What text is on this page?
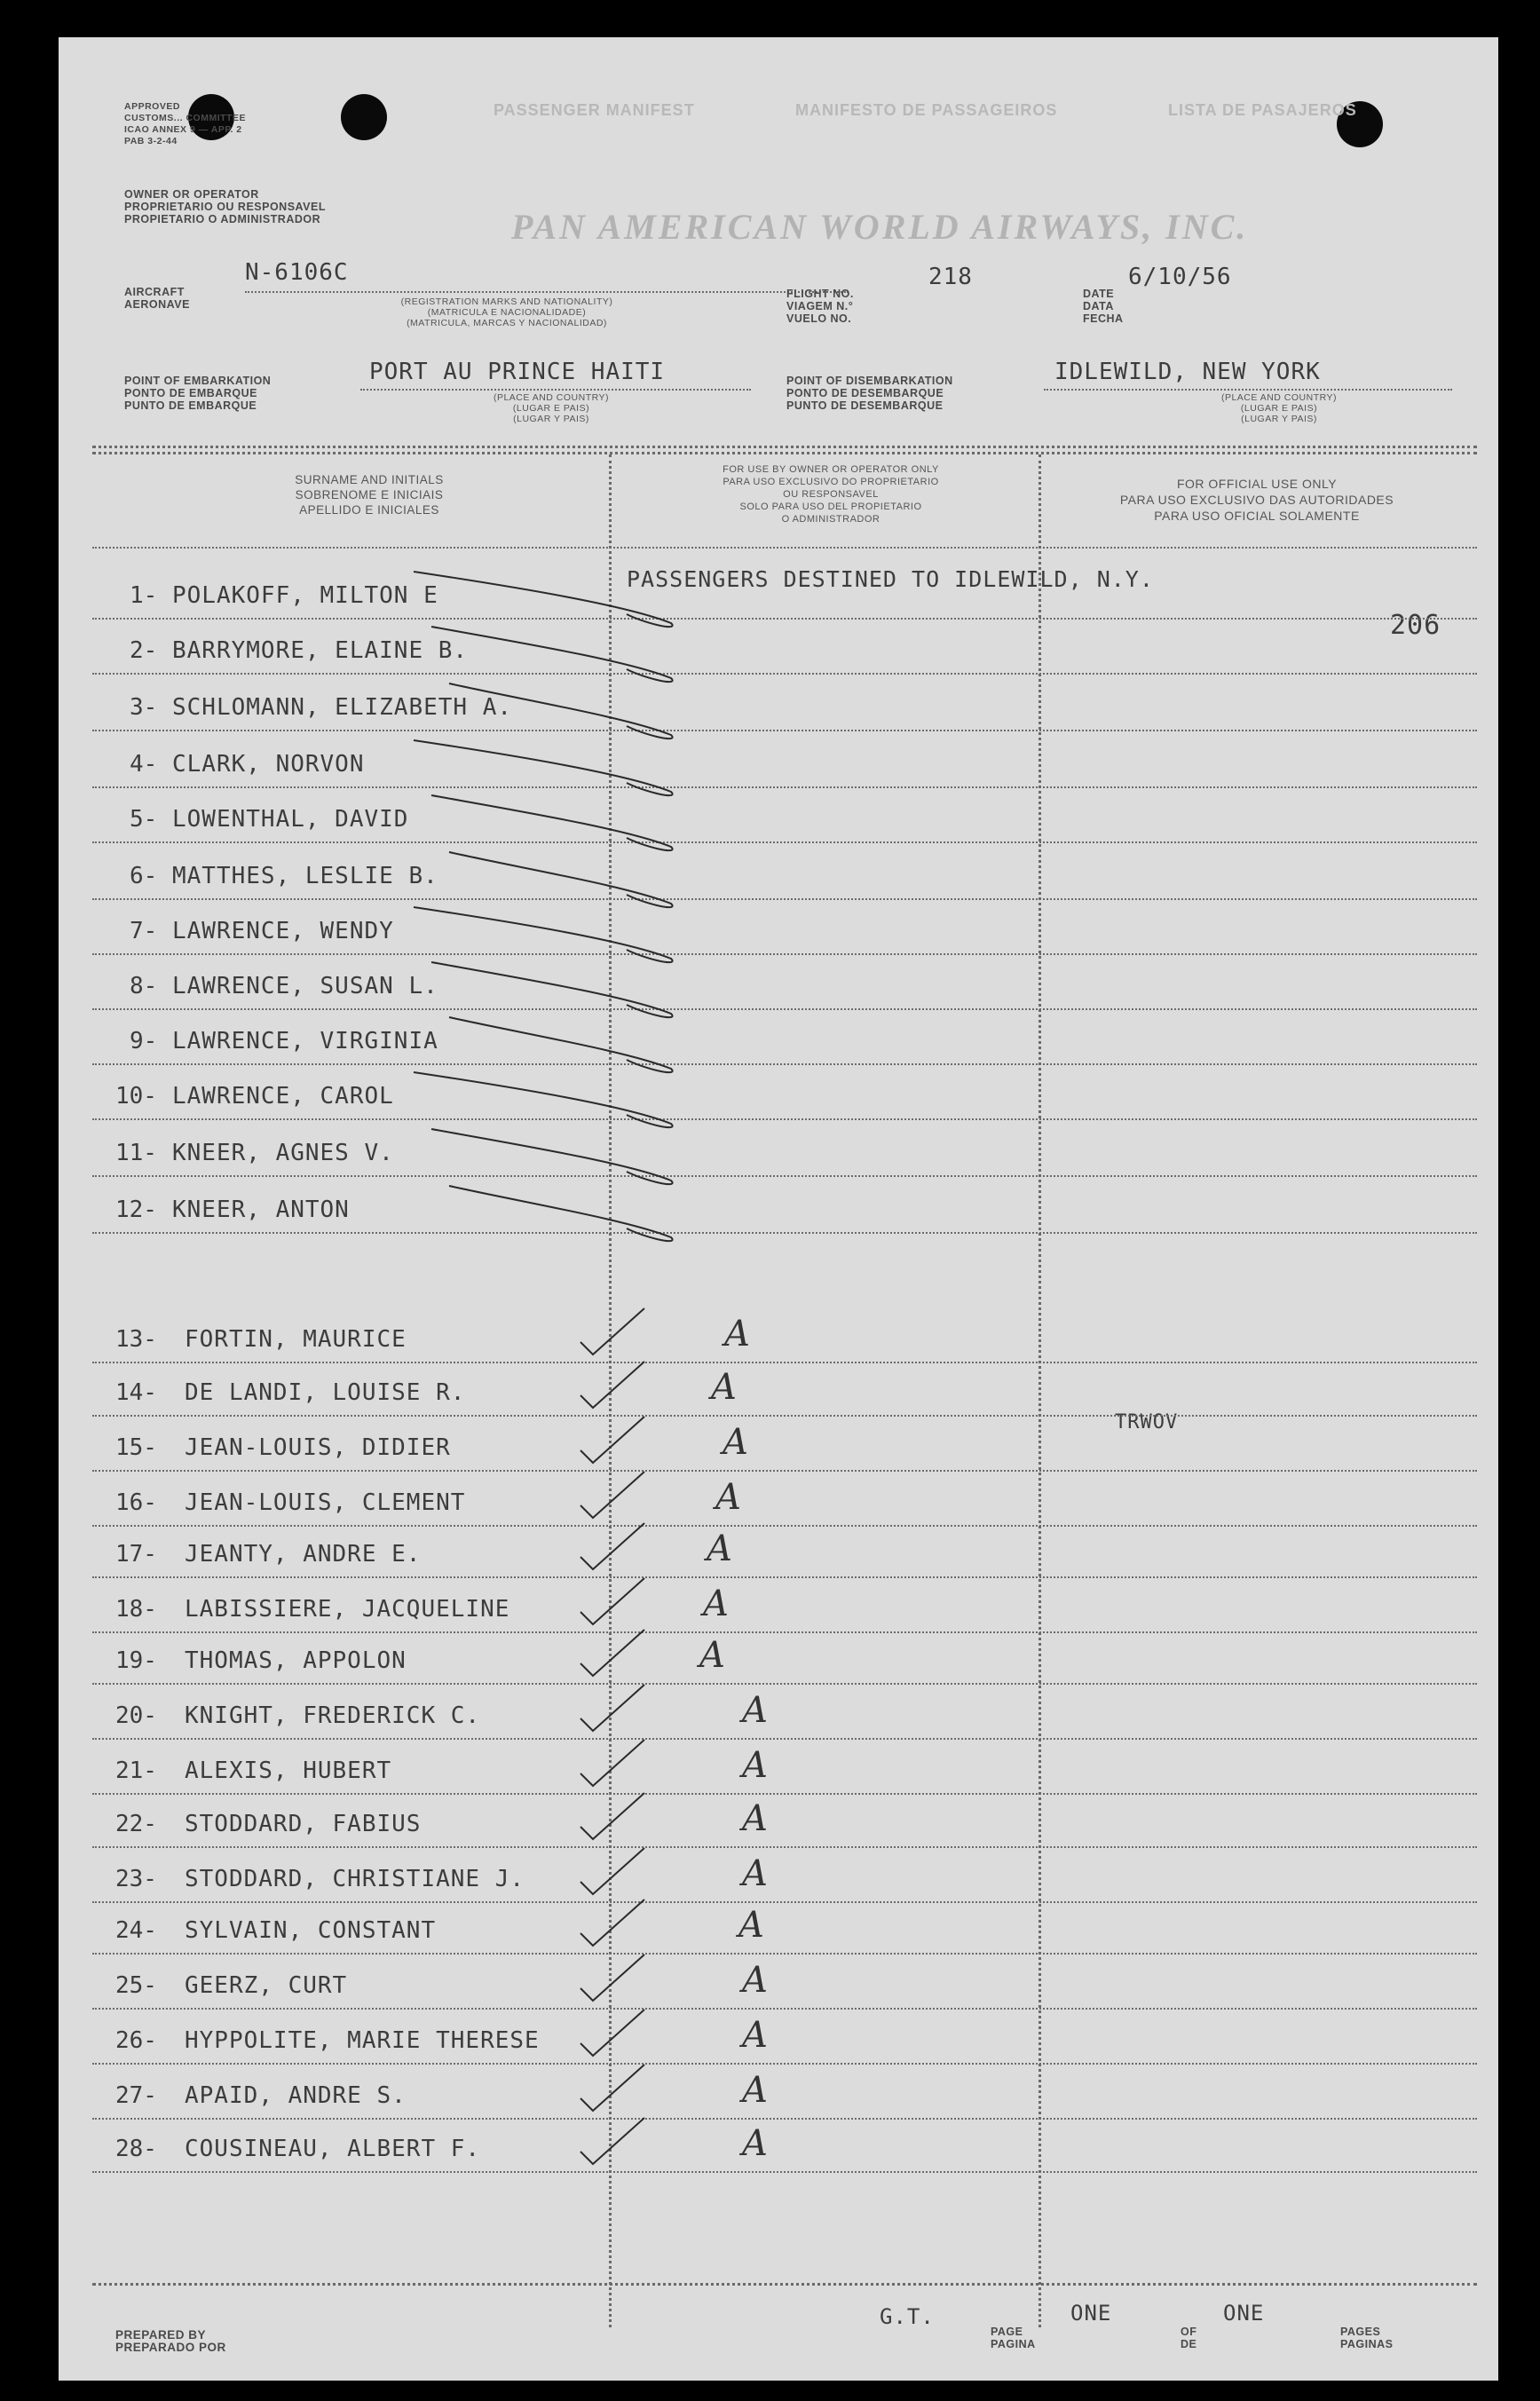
APPROVED
CUSTOMS... COMMITTEE
ICAO ANNEX 9 — APP. 2
PAB 3-2-44
PASSENGER MANIFEST	MANIFESTO DE PASSAGEIROS	LISTA DE PASAJEROS
OWNER OR OPERATOR
PROPRIETARIO OU RESPONSAVEL
PROPIETARIO O ADMINISTRADOR	PAN AMERICAN WORLD AIRWAYS, INC.
AIRCRAFT
AERONAVE
N-6106C
(REGISTRATION MARKS AND NATIONALITY)
(MATRICULA E NACIONALIDADE)
(MATRICULA, MARCAS Y NACIONALIDAD)
FLIGHT NO.
VIAGEM N.°
VUELO NO.
218
DATE
DATA
FECHA
6/10/56
POINT OF EMBARKATION
PONTO DE EMBARQUE
PUNTO DE EMBARQUE
PORT AU PRINCE HAITI
(PLACE AND COUNTRY)
(LUGAR E PAIS)
(LUGAR Y PAIS)
POINT OF DISEMBARKATION
PONTO DE DESEMBARQUE
PUNTO DE DESEMBARQUE
IDLEWILD, NEW YORK
(PLACE AND COUNTRY)
(LUGAR E PAIS)
(LUGAR Y PAIS)
SURNAME AND INITIALS
SOBRENOME E INICIAIS
APELLIDO E INICIALES
FOR USE BY OWNER OR OPERATOR ONLY
PARA USO EXCLUSIVO DO PROPRIETARIO
OU RESPONSAVEL
SOLO PARA USO DEL PROPIETARIO
O ADMINISTRADOR
FOR OFFICIAL USE ONLY
PARA USO EXCLUSIVO DAS AUTORIDADES
PARA USO OFICIAL SOLAMENTE
PASSENGERS DESTINED TO IDLEWILD, N.Y.
206
TRWOV
1- POLAKOFF, MILTON E
2- BARRYMORE, ELAINE B.
3- SCHLOMANN, ELIZABETH A.
4- CLARK, NORVON
5- LOWENTHAL, DAVID
6- MATTHES, LESLIE B.
7- LAWRENCE, WENDY
8- LAWRENCE, SUSAN L.
9- LAWRENCE, VIRGINIA
10- LAWRENCE, CAROL
11- KNEER, AGNES V.
12- KNEER, ANTON
13- FORTIN, MAURICE	A
14- DE LANDI, LOUISE R.	A
15- JEAN-LOUIS, DIDIER	A
16- JEAN-LOUIS, CLEMENT	A
17- JEANTY, ANDRE E.	A
18- LABISSIERE, JACQUELINE	A
19- THOMAS, APPOLON	A
20- KNIGHT, FREDERICK C.	A
21- ALEXIS, HUBERT	A
22- STODDARD, FABIUS	A
23- STODDARD, CHRISTIANE J.	A
24- SYLVAIN, CONSTANT	A
25- GEERZ, CURT	A
26- HYPPOLITE, MARIE THERESE	A
27- APAID, ANDRE S.	A
28- COUSINEAU, ALBERT F.	A
PREPARED BY
PREPARADO POR
G.T.
PAGE
PAGINA
ONE
OF
DE
ONE
PAGES
PAGINAS
